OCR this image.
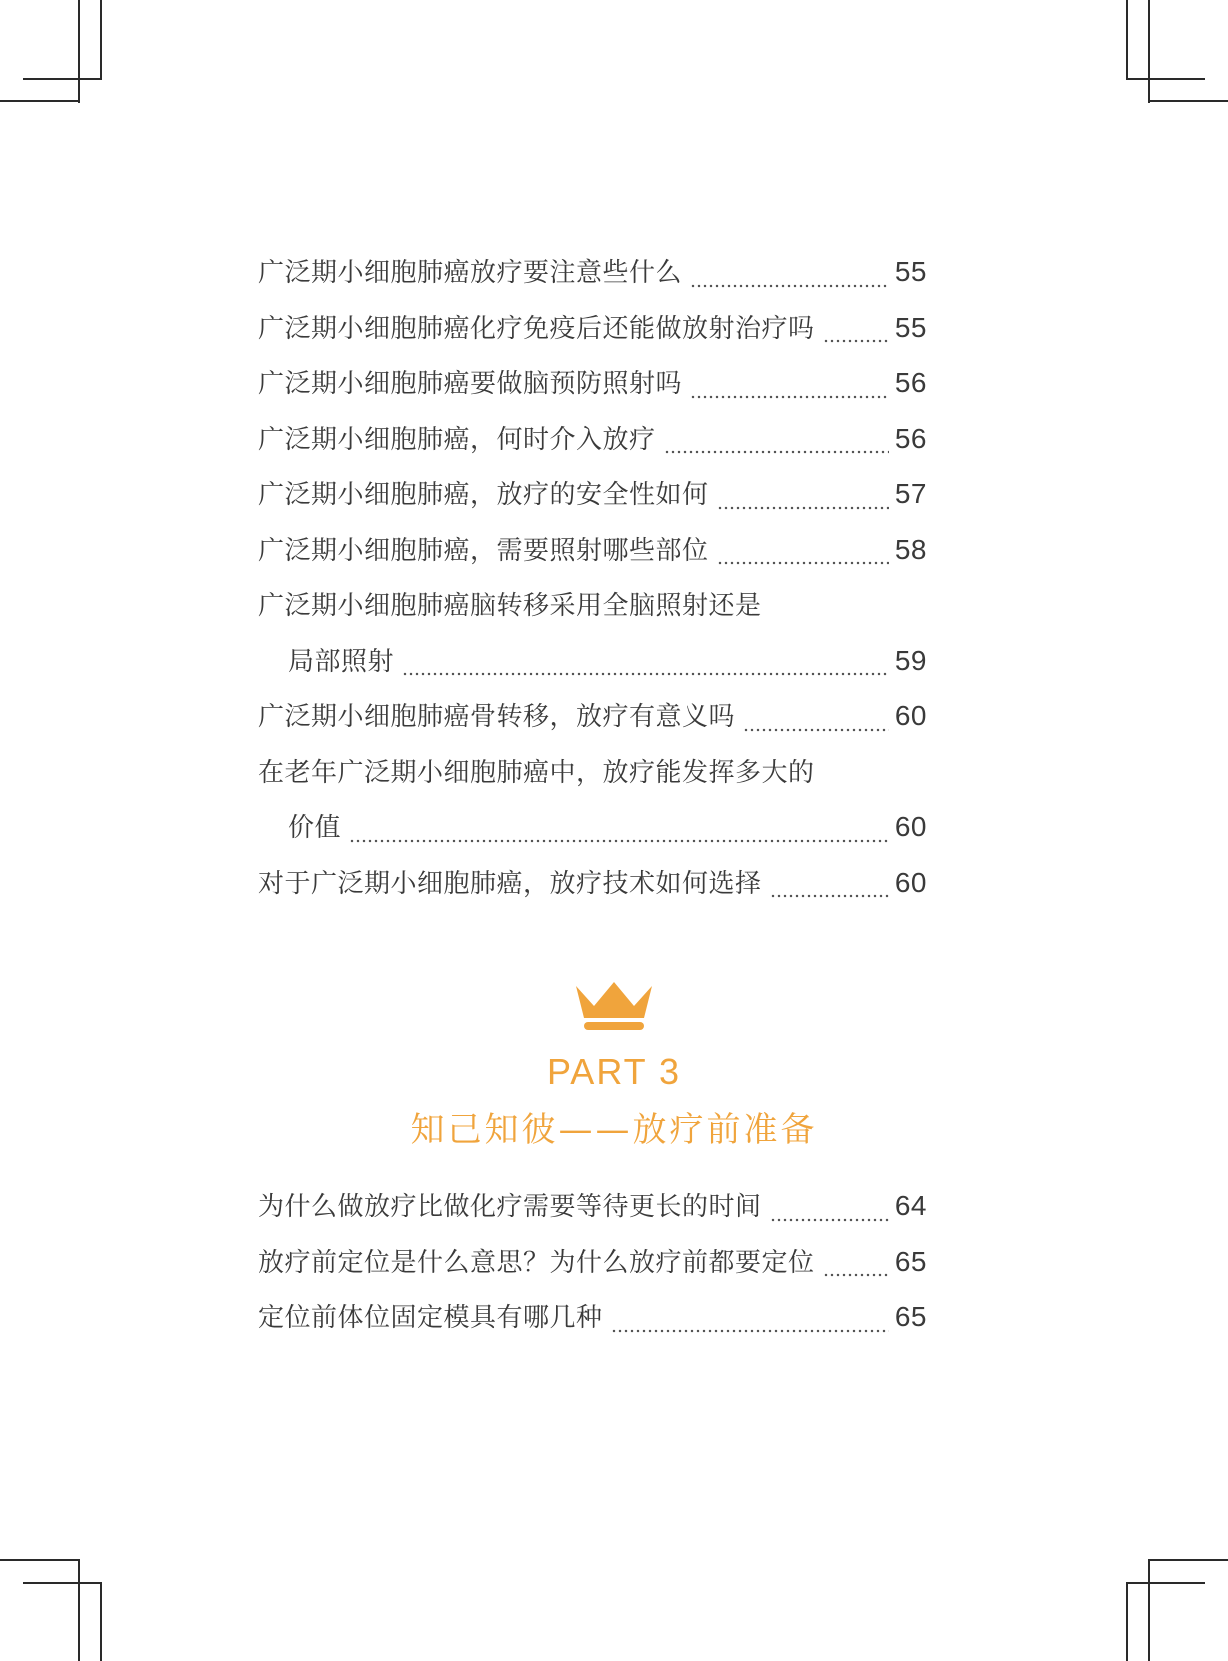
广泛期小细胞肺癌放疗要注意些什么	55
广泛期小细胞肺癌化疗免疫后还能做放射治疗吗	55
广泛期小细胞肺癌要做脑预防照射吗	56
广泛期小细胞肺癌，何时介入放疗	56
广泛期小细胞肺癌，放疗的安全性如何	57
广泛期小细胞肺癌，需要照射哪些部位	58
广泛期小细胞肺癌脑转移采用全脑照射还是
局部照射	59
广泛期小细胞肺癌骨转移，放疗有意义吗	60
在老年广泛期小细胞肺癌中，放疗能发挥多大的
价值	60
对于广泛期小细胞肺癌，放疗技术如何选择	60
PART 3
知己知彼——放疗前准备
为什么做放疗比做化疗需要等待更长的时间	64
放疗前定位是什么意思？为什么放疗前都要定位	65
定位前体位固定模具有哪几种	65
